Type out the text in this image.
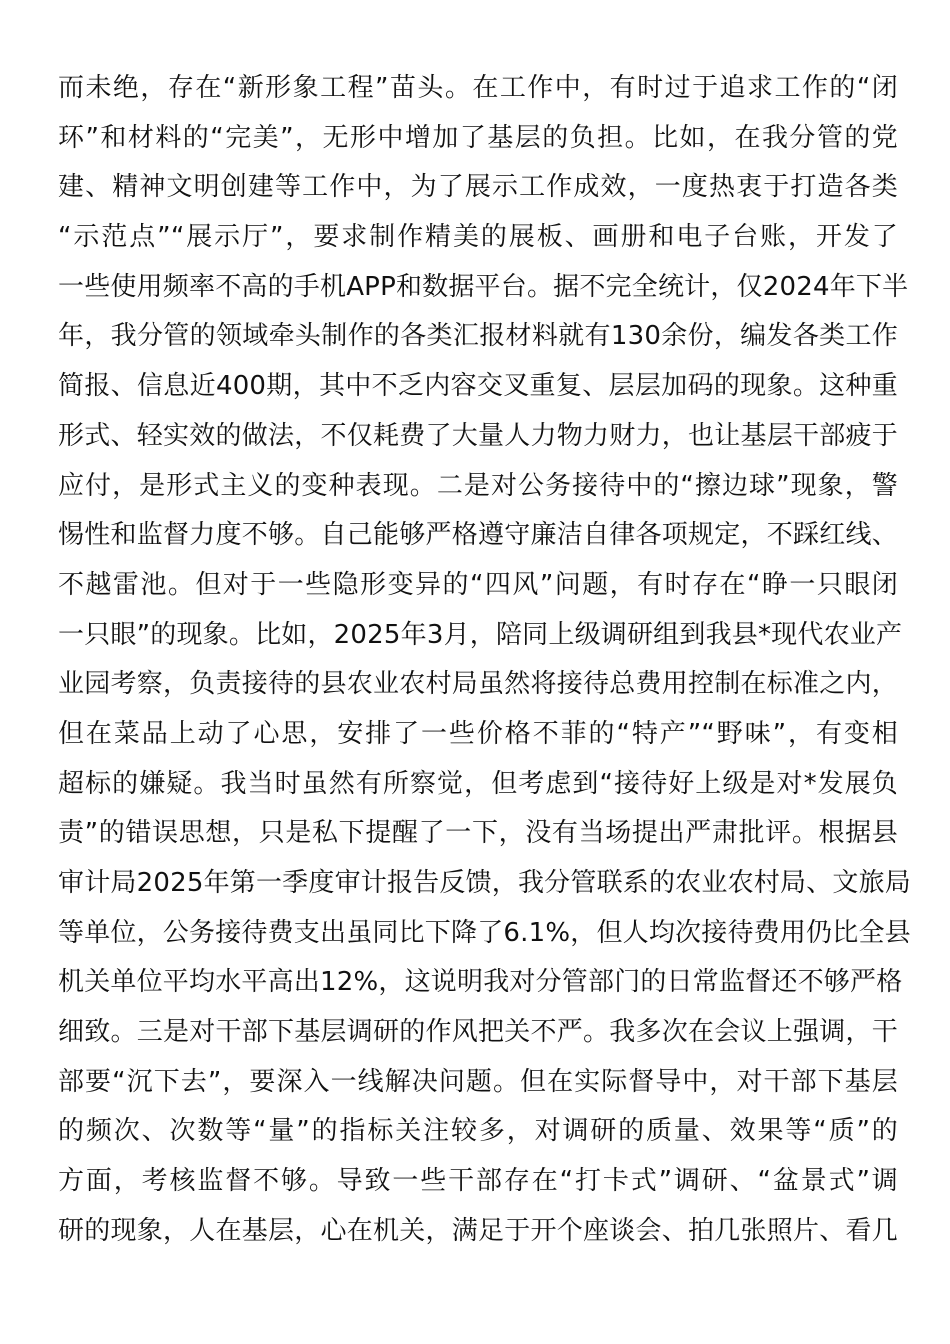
而未绝，存在“新形象工程”苗头。在工作中，有时过于追求工作的“闭
环”和材料的“完美”，无形中增加了基层的负担。比如，在我分管的党
建、精神文明创建等工作中，为了展示工作成效，一度热衷于打造各类
“示范点”“展示厅”，要求制作精美的展板、画册和电子台账，开发了
一些使用频率不高的手机APP和数据平台。据不完全统计，仅2024年下半
年，我分管的领域牵头制作的各类汇报材料就有130余份，编发各类工作
简报、信息近400期，其中不乏内容交叉重复、层层加码的现象。这种重
形式、轻实效的做法，不仅耗费了大量人力物力财力，也让基层干部疲于
应付，是形式主义的变种表现。二是对公务接待中的“擦边球”现象，警
惕性和监督力度不够。自己能够严格遵守廉洁自律各项规定，不踩红线、
不越雷池。但对于一些隐形变异的“四风”问题，有时存在“睁一只眼闭
一只眼”的现象。比如，2025年3月，陪同上级调研组到我县*现代农业产
业园考察，负责接待的县农业农村局虽然将接待总费用控制在标准之内，
但在菜品上动了心思，安排了一些价格不菲的“特产”“野味”，有变相
超标的嫌疑。我当时虽然有所察觉，但考虑到“接待好上级是对*发展负
责”的错误思想，只是私下提醒了一下，没有当场提出严肃批评。根据县
审计局2025年第一季度审计报告反馈，我分管联系的农业农村局、文旅局
等单位，公务接待费支出虽同比下降了6.1%，但人均次接待费用仍比全县
机关单位平均水平高出12%，这说明我对分管部门的日常监督还不够严格
细致。三是对干部下基层调研的作风把关不严。我多次在会议上强调，干
部要“沉下去”，要深入一线解决问题。但在实际督导中，对干部下基层
的频次、次数等“量”的指标关注较多，对调研的质量、效果等“质”的
方面，考核监督不够。导致一些干部存在“打卡式”调研、“盆景式”调
研的现象，人在基层，心在机关，满足于开个座谈会、拍几张照片、看几
